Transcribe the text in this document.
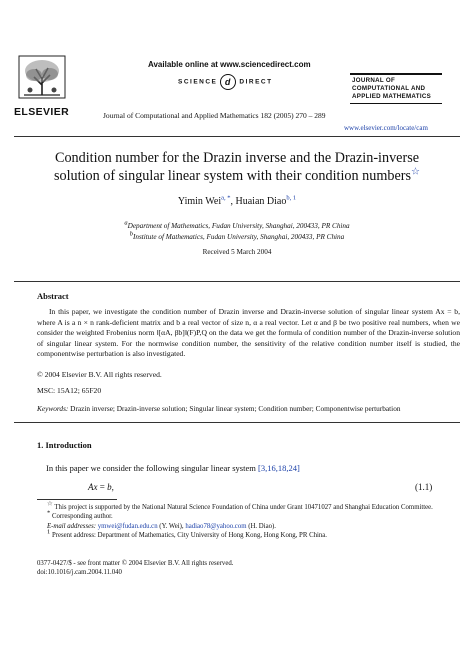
ELSEVIER
Available online at www.sciencedirect.com
SCIENCE d DIRECT
Journal of Computational and Applied Mathematics 182 (2005) 270 – 289
JOURNAL OF
COMPUTATIONAL AND
APPLIED MATHEMATICS
www.elsevier.com/locate/cam
Condition number for the Drazin inverse and the Drazin-inverse
solution of singular linear system with their condition numbers☆
Yimin Wei$^{a, *}$, Huaian Diao$^{b, 1}$
aDepartment of Mathematics, Fudan University, Shanghai, 200433, PR China
bInstitute of Mathematics, Fudan University, Shanghai, 200433, PR China
Received 5 March 2004
Abstract

In this paper, we investigate the condition number of Drazin inverse and Drazin-inverse solution of singular linear system Ax = b, where A is a n × n rank-deficient matrix and b a real vector of size n, α a real vector. Let α and β be two positive real numbers, when we consider the weighted Frobenius norm ‖[αA, βb]‖(F)P,Q on the data we get the formula of condition number of the Drazin-inverse solution of singular linear system. For the normwise condition number, the sensitivity of the relative condition number itself is studied, the componentwise perturbation is also investigated.

© 2004 Elsevier B.V. All rights reserved.
MSC: 15A12; 65F20
Keywords: Drazin inverse; Drazin-inverse solution; Singular linear system; Condition number; Componentwise perturbation
1. Introduction
In this paper we consider the following singular linear system [3,16,18,24]
Ax = b,	(1.1)

☆ This project is supported by the National Natural Science Foundation of China under Grant 10471027 and Shanghai Education Committee.

* Corresponding author.

E-mail addresses: ymwei@fudan.edu.cn (Y. Wei), hadiao78@yahoo.com (H. Diao).

1 Present address: Department of Mathematics, City University of Hong Kong, Hong Kong, PR China.

0377-0427/$ - see front matter © 2004 Elsevier B.V. All rights reserved.
doi:10.1016/j.cam.2004.11.040
